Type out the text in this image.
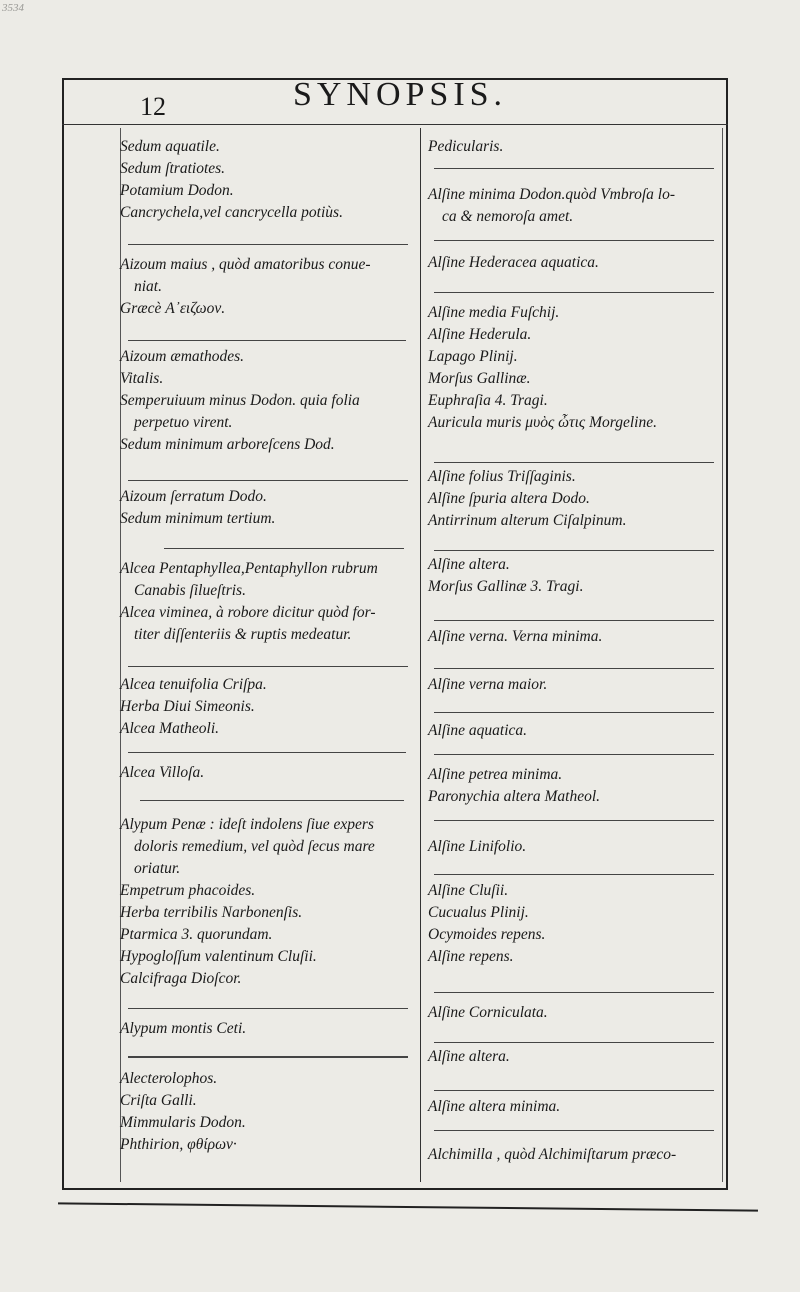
3534
12	SYNOPSIS.
Sedum aquatile.
Sedum ſtratiotes.
Potamium Dodon.
Cancrychela,vel cancrycella potiùs.
Aizoum maius , quòd amatoribus conue-
niat.
Græcè Α᾽ειζωον.
Aizoum æmathodes.
Vitalis.
Semperuiuum minus Dodon. quia folia
perpetuo virent.
Sedum minimum arboreſcens Dod.
Aizoum ſerratum Dodo.
Sedum minimum tertium.
Alcea Pentaphyllea,Pentaphyllon rubrum
Canabis ſilueſtris.
Alcea viminea, à robore dicitur quòd for-
titer diſſenteriis & ruptis medeatur.
Alcea tenuifolia Criſpa.
Herba Diui Simeonis.
Alcea Matheoli.
Alcea Villoſa.
Alypum Penæ : ideſt indolens ſiue expers
doloris remedium, vel quòd ſecus mare
oriatur.
Empetrum phacoides.
Herba terribilis Narbonenſis.
Ptarmica 3. quorundam.
Hypogloſſum valentinum Cluſii.
Calcifraga Dioſcor.
Alypum montis Ceti.
Alecterolophos.
Criſta Galli.
Mimmularis Dodon.
Phthirion, φθίρων·
Pedicularis.
Alſine minima Dodon.quòd Vmbroſa lo-
ca & nemoroſa amet.
Alſine Hederacea aquatica.
Alſine media Fuſchij.
Alſine Hederula.
Lapago Plinij.
Morſus Gallinæ.
Euphraſia 4. Tragi.
Auricula muris μυὸς ὦτις Morgeline.
Alſine folius Triſſaginis.
Alſine ſpuria altera Dodo.
Antirrinum alterum Ciſalpinum.
Alſine altera.
Morſus Gallinæ 3. Tragi.
Alſine verna. Verna minima.
Alſine verna maior.
Alſine aquatica.
Alſine petrea minima.
Paronychia altera Matheol.
Alſine Linifolio.
Alſine Cluſii.
Cucualus Plinij.
Ocymoides repens.
Alſine repens.
Alſine Corniculata.
Alſine altera.
Alſine altera minima.
Alchimilla , quòd Alchimiſtarum præco-
